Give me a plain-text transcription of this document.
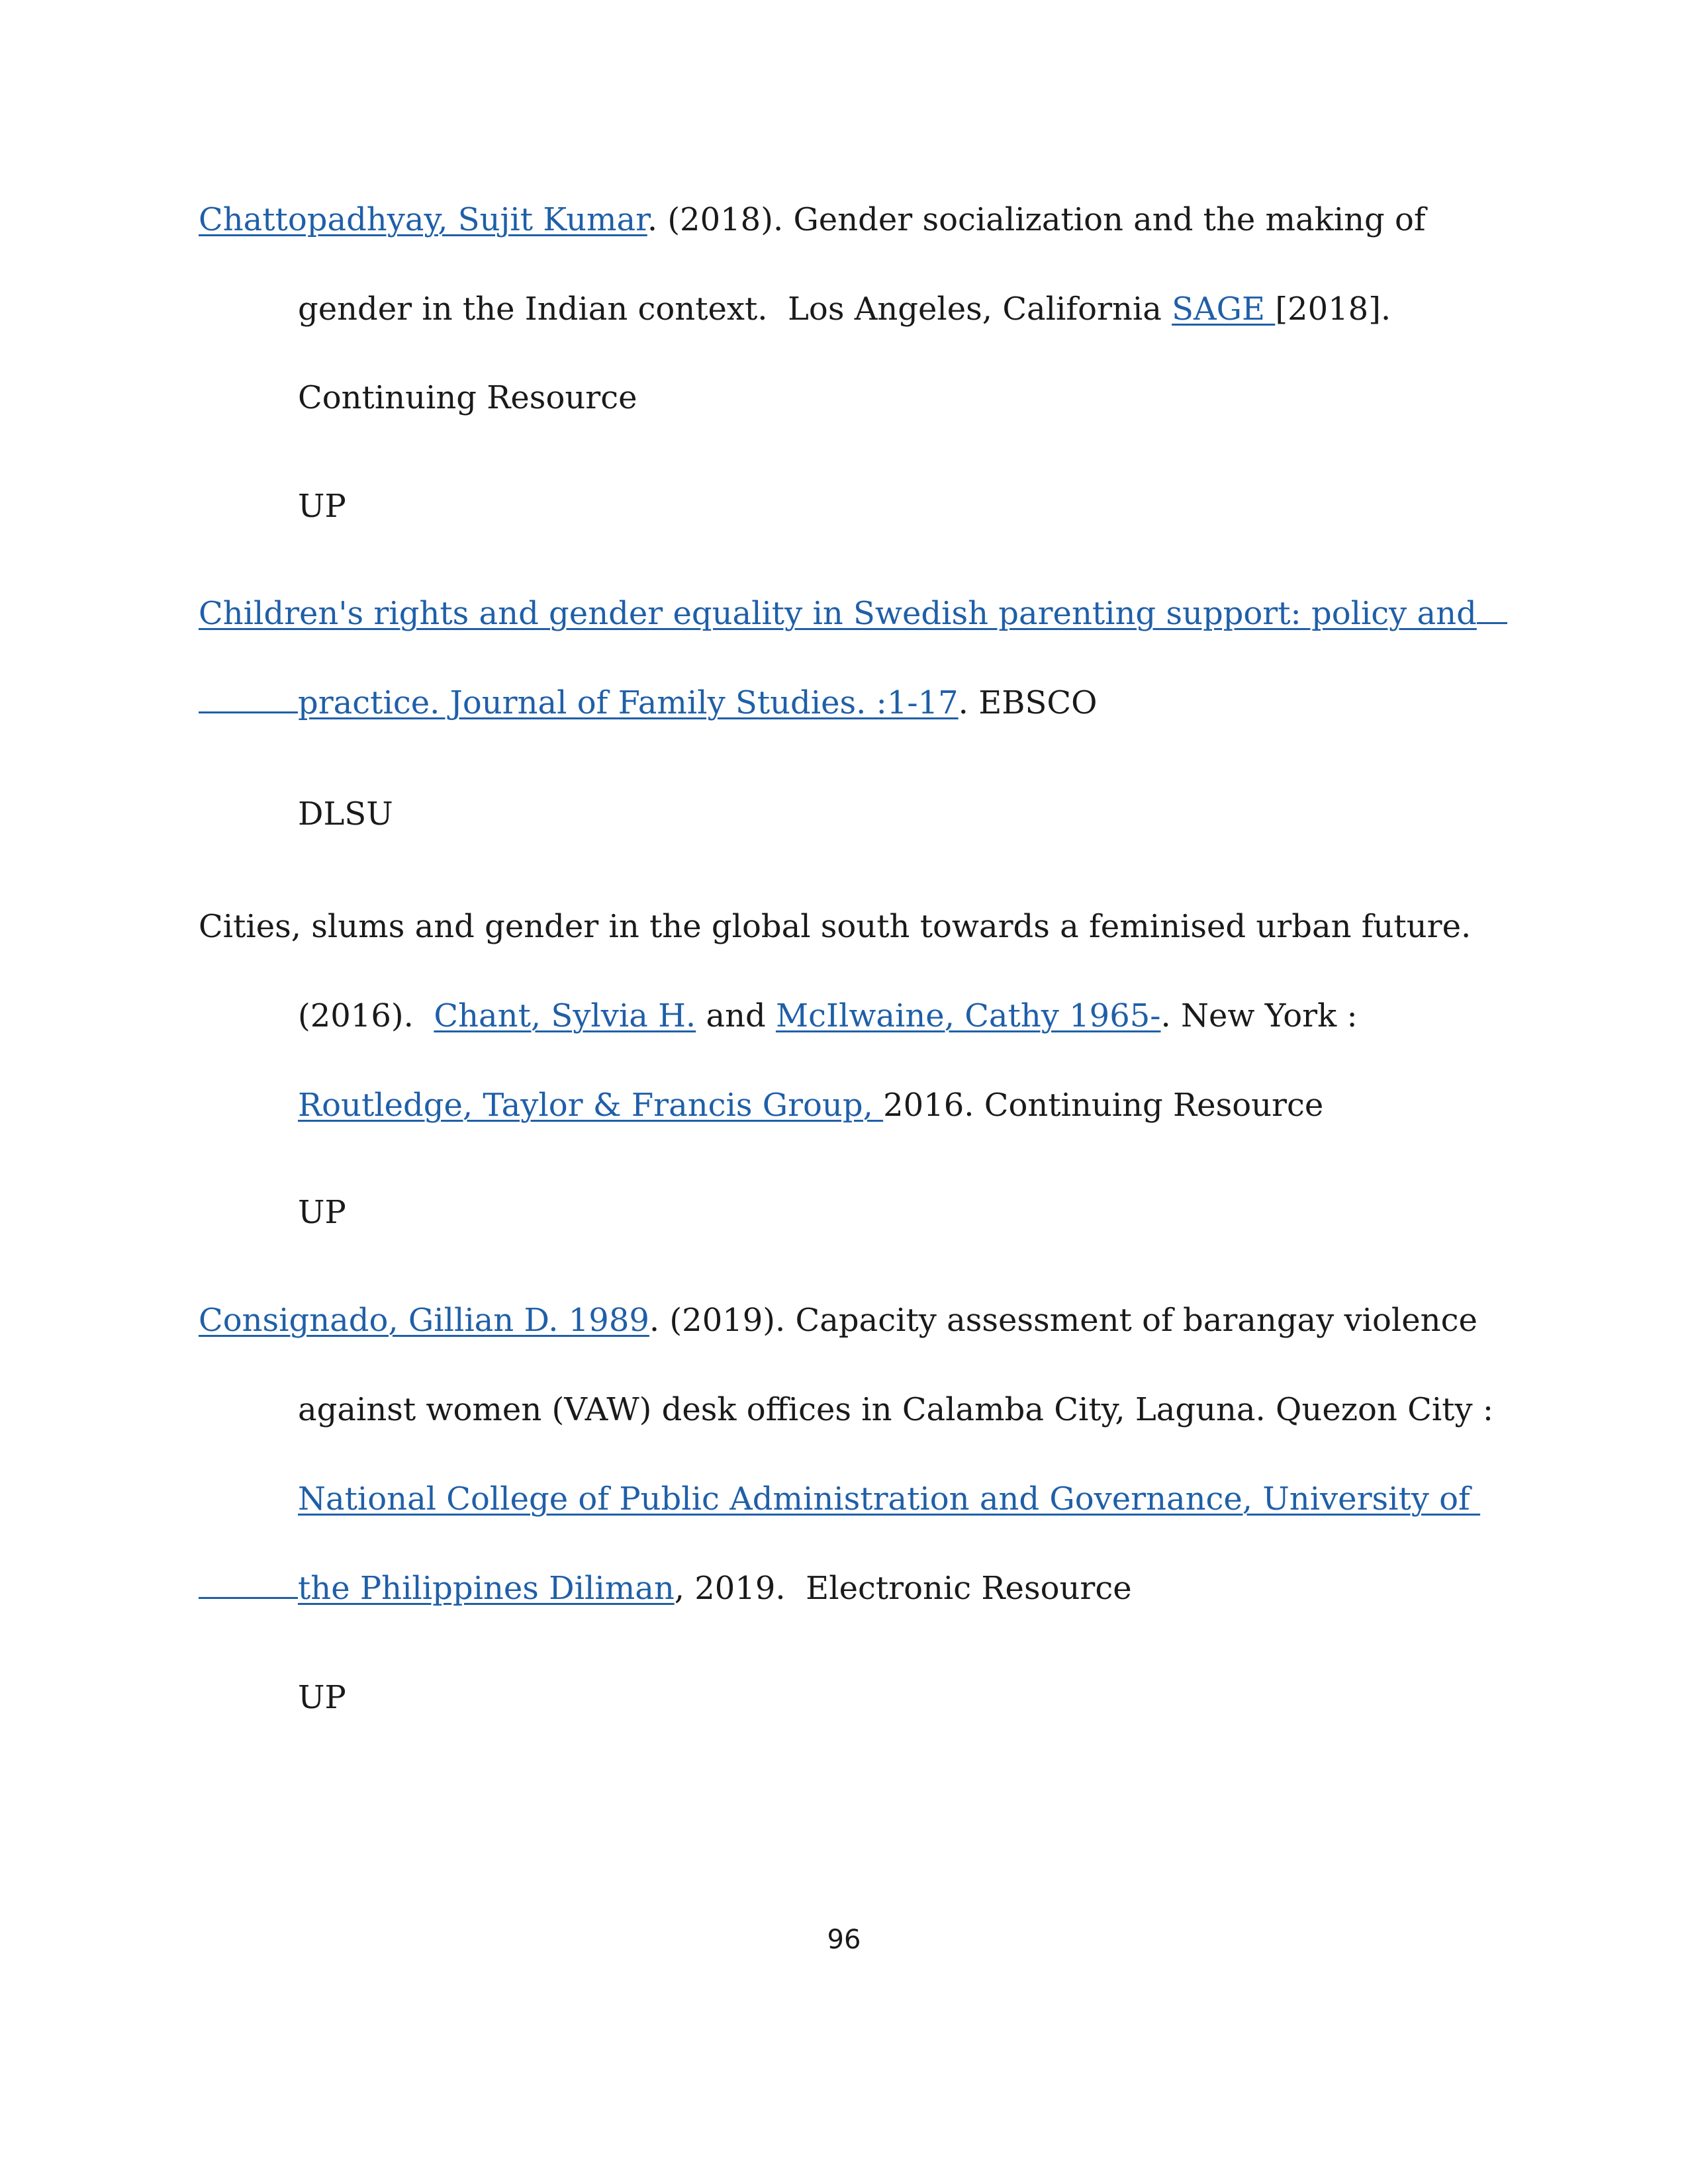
Chattopadhyay, Sujit Kumar. (2018). Gender socialization and the making of

gender in the Indian context.  Los Angeles, California SAGE [2018].

Continuing Resource

UP

Children's rights and gender equality in Swedish parenting support: policy and

practice. Journal of Family Studies. :1-17. EBSCO

DLSU

Cities, slums and gender in the global south towards a feminised urban future.

(2016).  Chant, Sylvia H. and McIlwaine, Cathy 1965-. New York :

Routledge, Taylor & Francis Group, 2016. Continuing Resource

UP

Consignado, Gillian D. 1989. (2019). Capacity assessment of barangay violence

against women (VAW) desk offices in Calamba City, Laguna. Quezon City :

National College of Public Administration and Governance, University of

the Philippines Diliman, 2019.  Electronic Resource

UP

96
